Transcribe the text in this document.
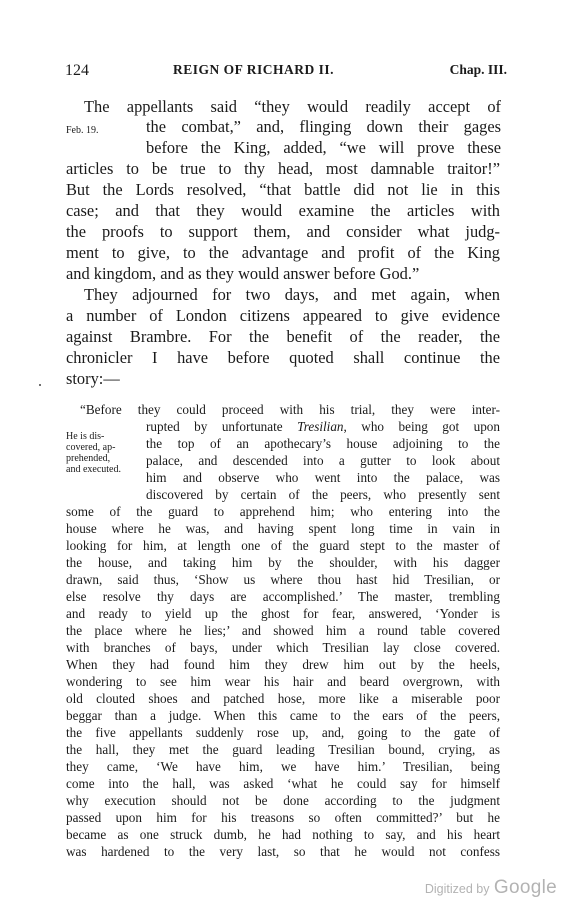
124	REIGN OF RICHARD II.	Chap. III.
Feb. 19.
He is dis-
covered, ap-
prehended,
and executed.
The appellants said “they would readily accept of
the combat,” and, flinging down their gages
before the King, added, “we will prove these
articles to be true to thy head, most damnable traitor!”
But the Lords resolved, “that battle did not lie in this
case; and that they would examine the articles with
the proofs to support them, and consider what judg-
ment to give, to the advantage and profit of the King
and kingdom, and as they would answer before God.”
They adjourned for two days, and met again, when
a number of London citizens appeared to give evidence
against Brambre. For the benefit of the reader, the
chronicler I have before quoted shall continue the
story:—
“Before they could proceed with his trial, they were inter-
rupted by unfortunate Tresilian, who being got upon
the top of an apothecary’s house adjoining to the
palace, and descended into a gutter to look about
him and observe who went into the palace, was
discovered by certain of the peers, who presently sent
some of the guard to apprehend him; who entering into the
house where he was, and having spent long time in vain in
looking for him, at length one of the guard stept to the master of
the house, and taking him by the shoulder, with his dagger
drawn, said thus, ‘Show us where thou hast hid Tresilian, or
else resolve thy days are accomplished.’ The master, trembling
and ready to yield up the ghost for fear, answered, ‘Yonder is
the place where he lies;’ and showed him a round table covered
with branches of bays, under which Tresilian lay close covered.
When they had found him they drew him out by the heels,
wondering to see him wear his hair and beard overgrown, with
old clouted shoes and patched hose, more like a miserable poor
beggar than a judge. When this came to the ears of the peers,
the five appellants suddenly rose up, and, going to the gate of
the hall, they met the guard leading Tresilian bound, crying, as
they came, ‘We have him, we have him.’ Tresilian, being
come into the hall, was asked ‘what he could say for himself
why execution should not be done according to the judgment
passed upon him for his treasons so often committed?’ but he
became as one struck dumb, he had nothing to say, and his heart
was hardened to the very last, so that he would not confess
Digitized by Google
